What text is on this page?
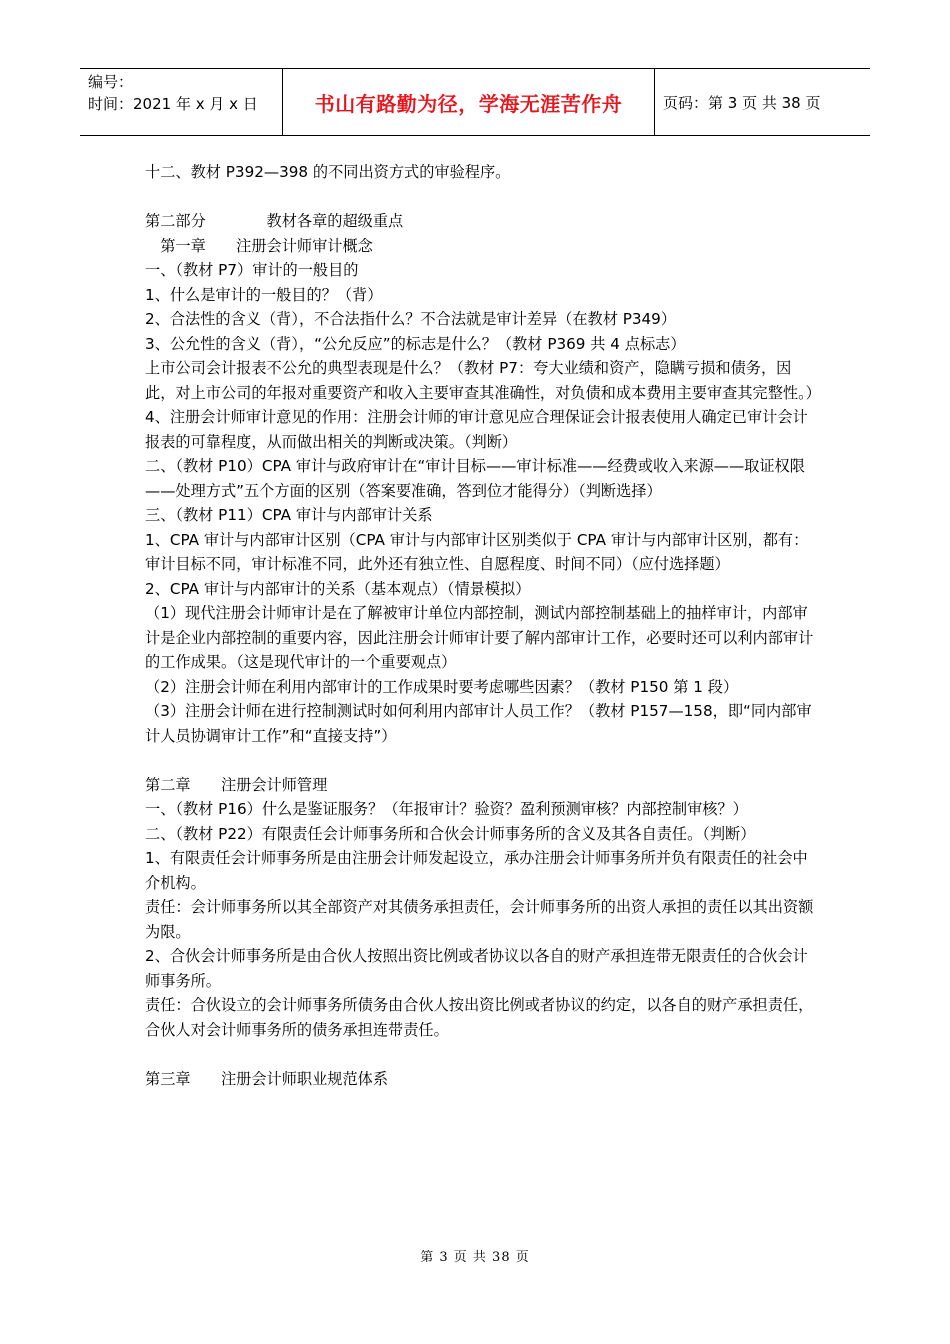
编号：
时间：2021 年 x 月 x 日	书山有路勤为径，学海无涯苦作舟	页码：第 3 页 共 38 页

十二、教材 P392—398 的不同出资方式的审验程序。

第二部分　　　　教材各章的超级重点

　第一章　　注册会计师审计概念

一、（教材 P7）审计的一般目的

1、什么是审计的一般目的？（背）

2、合法性的含义（背），不合法指什么？不合法就是审计差异（在教材 P349）

3、公允性的含义（背），“公允反应”的标志是什么？（教材 P369 共 4 点标志）

上市公司会计报表不公允的典型表现是什么？（教材 P7：夸大业绩和资产，隐瞒亏损和债务，因此，对上市公司的年报对重要资产和收入主要审查其准确性，对负债和成本费用主要审查其完整性。）

4、注册会计师审计意见的作用：注册会计师的审计意见应合理保证会计报表使用人确定已审计会计报表的可靠程度，从而做出相关的判断或决策。（判断）

二、（教材 P10）CPA 审计与政府审计在“审计目标——审计标准——经费或收入来源——取证权限——处理方式”五个方面的区别（答案要准确，答到位才能得分）（判断选择）

三、（教材 P11）CPA 审计与内部审计关系

1、CPA 审计与内部审计区别（CPA 审计与内部审计区别类似于 CPA 审计与内部审计区别，都有：审计目标不同，审计标准不同，此外还有独立性、自愿程度、时间不同）（应付选择题）

2、CPA 审计与内部审计的关系（基本观点）（情景模拟）

（1）现代注册会计师审计是在了解被审计单位内部控制，测试内部控制基础上的抽样审计，内部审计是企业内部控制的重要内容，因此注册会计师审计要了解内部审计工作，必要时还可以利内部审计的工作成果。（这是现代审计的一个重要观点）

（2）注册会计师在利用内部审计的工作成果时要考虑哪些因素？（教材 P150 第 1 段）

（3）注册会计师在进行控制测试时如何利用内部审计人员工作？（教材 P157—158，即“同内部审计人员协调审计工作”和“直接支持”）

第二章　　注册会计师管理

一、（教材 P16）什么是鉴证服务？（年报审计？验资？盈利预测审核？内部控制审核？）

二、（教材 P22）有限责任会计师事务所和合伙会计师事务所的含义及其各自责任。（判断）

1、有限责任会计师事务所是由注册会计师发起设立，承办注册会计师事务所并负有限责任的社会中介机构。

责任：会计师事务所以其全部资产对其债务承担责任，会计师事务所的出资人承担的责任以其出资额为限。

2、合伙会计师事务所是由合伙人按照出资比例或者协议以各自的财产承担连带无限责任的合伙会计师事务所。

责任：合伙设立的会计师事务所债务由合伙人按出资比例或者协议的约定，以各自的财产承担责任，合伙人对会计师事务所的债务承担连带责任。

第三章　　注册会计师职业规范体系

第 3 页 共 38 页
